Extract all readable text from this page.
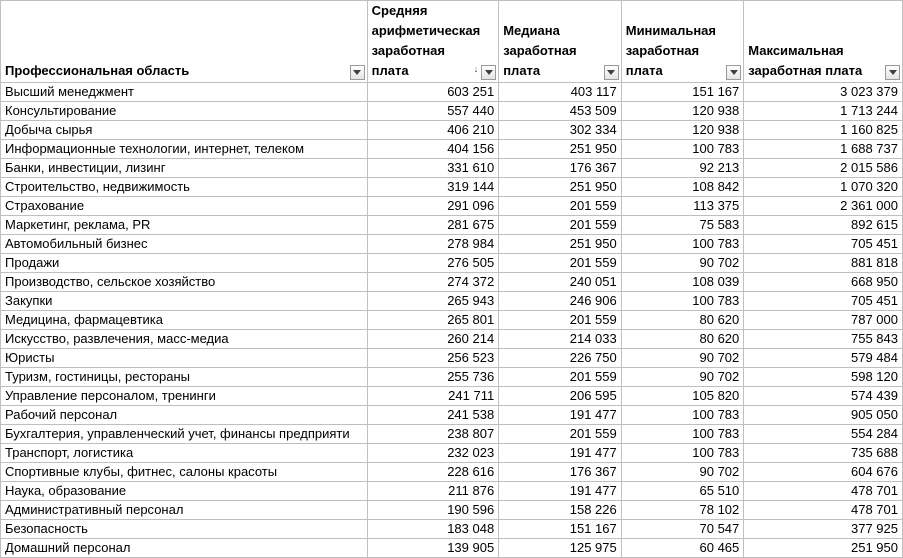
Профессиональная область	Средняя арифметическая заработная плата ↓	Медиана заработная плата	Минимальная заработная плата	Максимальная заработная плата

Высший менеджмент	603 251	403 117	151 167	3 023 379
Консультирование	557 440	453 509	120 938	1 713 244
Добыча сырья	406 210	302 334	120 938	1 160 825
Информационные технологии, интернет, телеком	404 156	251 950	100 783	1 688 737
Банки, инвестиции, лизинг	331 610	176 367	92 213	2 015 586
Строительство, недвижимость	319 144	251 950	108 842	1 070 320
Страхование	291 096	201 559	113 375	2 361 000
Маркетинг, реклама, PR	281 675	201 559	75 583	892 615
Автомобильный бизнес	278 984	251 950	100 783	705 451
Продажи	276 505	201 559	90 702	881 818
Производство, сельское хозяйство	274 372	240 051	108 039	668 950
Закупки	265 943	246 906	100 783	705 451
Медицина, фармацевтика	265 801	201 559	80 620	787 000
Искусство, развлечения, масс-медиа	260 214	214 033	80 620	755 843
Юристы	256 523	226 750	90 702	579 484
Туризм, гостиницы, рестораны	255 736	201 559	90 702	598 120
Управление персоналом, тренинги	241 711	206 595	105 820	574 439
Рабочий персонал	241 538	191 477	100 783	905 050
Бухгалтерия, управленческий учет, финансы предприяти	238 807	201 559	100 783	554 284
Транспорт, логистика	232 023	191 477	100 783	735 688
Спортивные клубы, фитнес, салоны красоты	228 616	176 367	90 702	604 676
Наука, образование	211 876	191 477	65 510	478 701
Административный персонал	190 596	158 226	78 102	478 701
Безопасность	183 048	151 167	70 547	377 925
Домашний персонал	139 905	125 975	60 465	251 950
